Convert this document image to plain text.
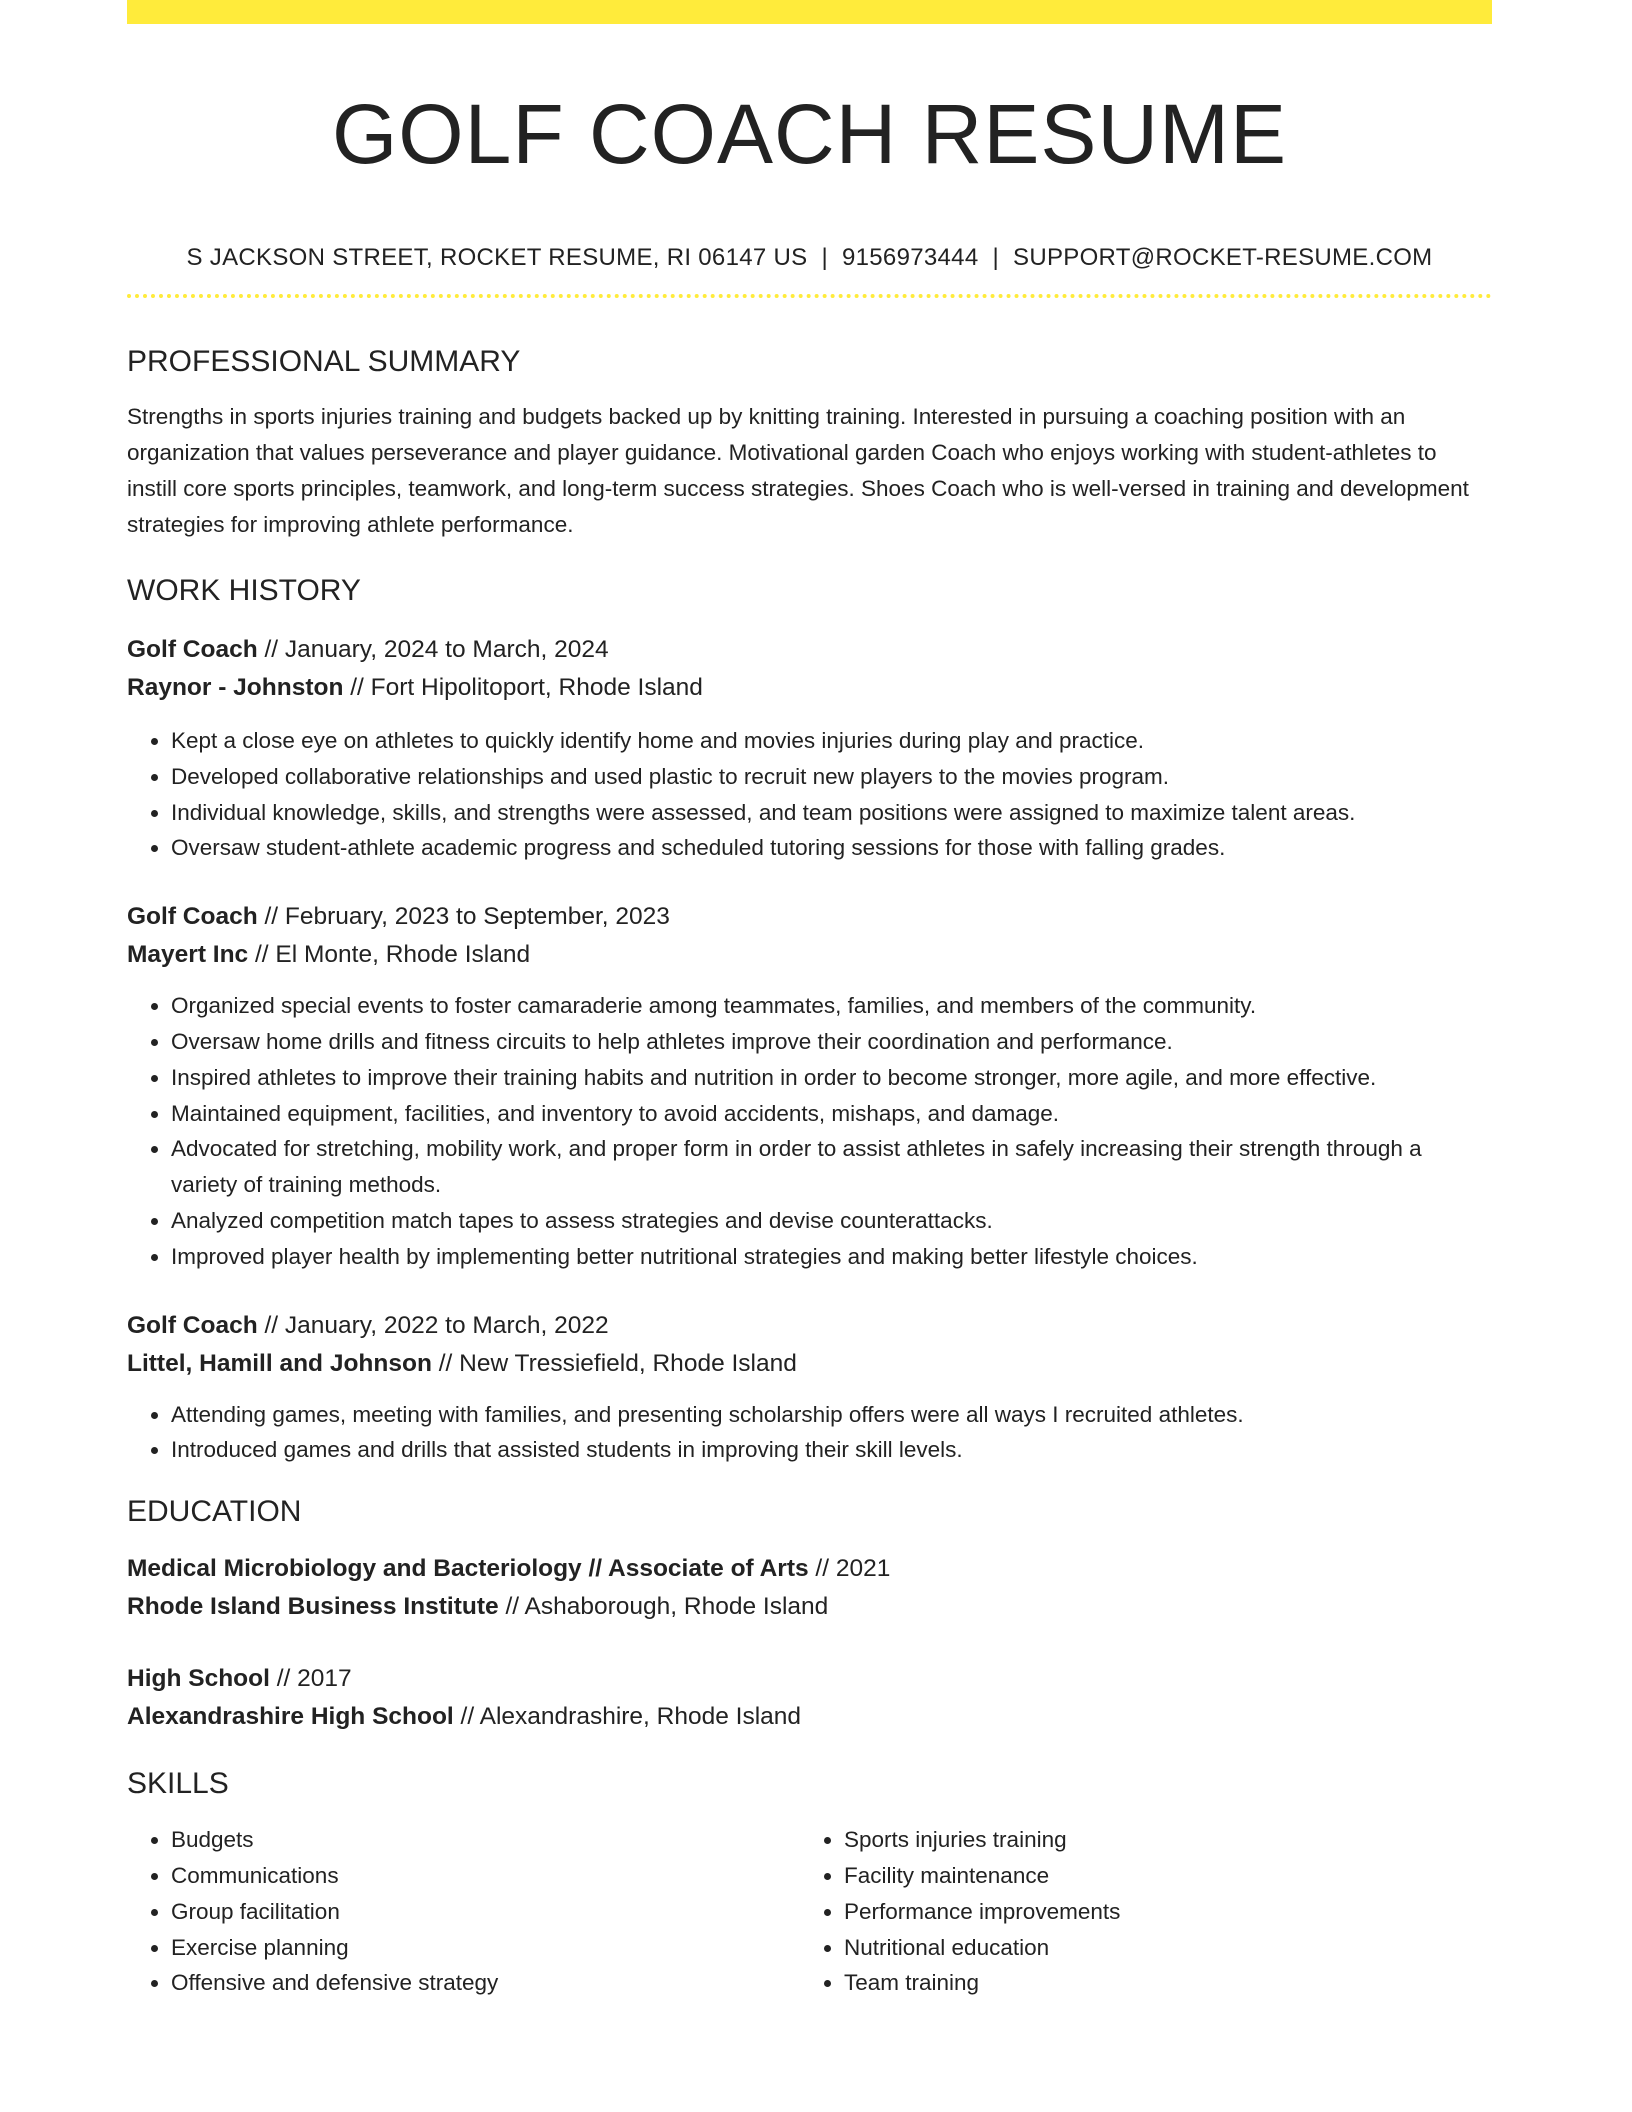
GOLF COACH RESUME
S JACKSON STREET, ROCKET RESUME, RI 06147 US | 9156973444 | SUPPORT@ROCKET-RESUME.COM
PROFESSIONAL SUMMARY

Strengths in sports injuries training and budgets backed up by knitting training. Interested in pursuing a coaching position with an organization that values perseverance and player guidance. Motivational garden Coach who enjoys working with student-athletes to instill core sports principles, teamwork, and long-term success strategies. Shoes Coach who is well-versed in training and development strategies for improving athlete performance.

WORK HISTORY

Golf Coach // January, 2024 to March, 2024

Raynor - Johnston // Fort Hipolitoport, Rhode Island

• Kept a close eye on athletes to quickly identify home and movies injuries during play and practice.
• Developed collaborative relationships and used plastic to recruit new players to the movies program.
• Individual knowledge, skills, and strengths were assessed, and team positions were assigned to maximize talent areas.
• Oversaw student-athlete academic progress and scheduled tutoring sessions for those with falling grades.

Golf Coach // February, 2023 to September, 2023

Mayert Inc // El Monte, Rhode Island

• Organized special events to foster camaraderie among teammates, families, and members of the community.
• Oversaw home drills and fitness circuits to help athletes improve their coordination and performance.
• Inspired athletes to improve their training habits and nutrition in order to become stronger, more agile, and more effective.
• Maintained equipment, facilities, and inventory to avoid accidents, mishaps, and damage.
• Advocated for stretching, mobility work, and proper form in order to assist athletes in safely increasing their strength through a variety of training methods.
• Analyzed competition match tapes to assess strategies and devise counterattacks.
• Improved player health by implementing better nutritional strategies and making better lifestyle choices.

Golf Coach // January, 2022 to March, 2022

Littel, Hamill and Johnson // New Tressiefield, Rhode Island

• Attending games, meeting with families, and presenting scholarship offers were all ways I recruited athletes.
• Introduced games and drills that assisted students in improving their skill levels.
EDUCATION

Medical Microbiology and Bacteriology // Associate of Arts // 2021

Rhode Island Business Institute // Ashaborough, Rhode Island

High School // 2017

Alexandrashire High School // Alexandrashire, Rhode Island

SKILLS
• Budgets
• Communications
• Group facilitation
• Exercise planning
• Offensive and defensive strategy
• Sports injuries training
• Facility maintenance
• Performance improvements
• Nutritional education
• Team training
